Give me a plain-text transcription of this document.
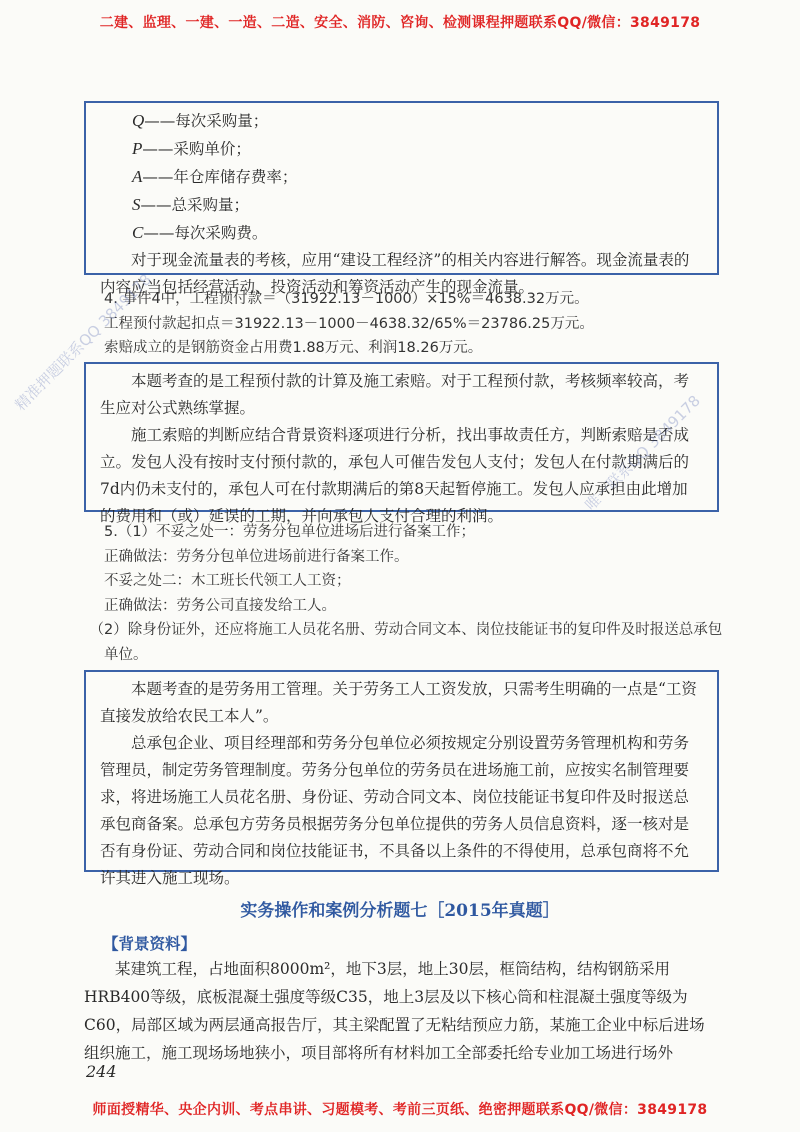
二建、监理、一建、一造、二造、安全、消防、咨询、检测课程押题联系QQ/微信：3849178
Q——每次采购量；
P——采购单价；
A——年仓库储存费率；
S——总采购量；
C——每次采购费。

对于现金流量表的考核，应用“建设工程经济”的相关内容进行解答。现金流量表的内容应当包括经营活动、投资活动和筹资活动产生的现金流量。

4. 事件4中，工程预付款＝（31922.13－1000）×15%＝4638.32万元。

工程预付款起扣点＝31922.13－1000－4638.32/65%＝23786.25万元。

索赔成立的是钢筋资金占用费1.88万元、利润18.26万元。

本题考查的是工程预付款的计算及施工索赔。对于工程预付款，考核频率较高，考生应对公式熟练掌握。

施工索赔的判断应结合背景资料逐项进行分析，找出事故责任方，判断索赔是否成立。发包人没有按时支付预付款的，承包人可催告发包人支付；发包人在付款期满后的7d内仍未支付的，承包人可在付款期满后的第8天起暂停施工。发包人应承担由此增加的费用和（或）延误的工期，并向承包人支付合理的利润。

5.（1）不妥之处一：劳务分包单位进场后进行备案工作；

正确做法：劳务分包单位进场前进行备案工作。

不妥之处二：木工班长代领工人工资；

正确做法：劳务公司直接发给工人。

（2）除身份证外，还应将施工人员花名册、劳动合同文本、岗位技能证书的复印件及时报送总承包单位。

本题考查的是劳务用工管理。关于劳务工人工资发放，只需考生明确的一点是“工资直接发放给农民工本人”。

总承包企业、项目经理部和劳务分包单位必须按规定分别设置劳务管理机构和劳务管理员，制定劳务管理制度。劳务分包单位的劳务员在进场施工前，应按实名制管理要求，将进场施工人员花名册、身份证、劳动合同文本、岗位技能证书复印件及时报送总承包商备案。总承包方劳务员根据劳务分包单位提供的劳务人员信息资料，逐一核对是否有身份证、劳动合同和岗位技能证书，不具备以上条件的不得使用，总承包商将不允许其进入施工现场。

实务操作和案例分析题七［2015年真题］
【背景资料】

某建筑工程，占地面积8000m²，地下3层，地上30层，框筒结构，结构钢筋采用HRB400等级，底板混凝土强度等级C35，地上3层及以下核心筒和柱混凝土强度等级为C60，局部区域为两层通高报告厅，其主梁配置了无粘结预应力筋，某施工企业中标后进场组织施工，施工现场场地狭小，项目部将所有材料加工全部委托给专业加工场进行场外

244
精准押题联系QQ 3849178
唯一联系QQ 3849178
师面授精华、央企内训、考点串讲、习题模考、考前三页纸、绝密押题联系QQ/微信：3849178
